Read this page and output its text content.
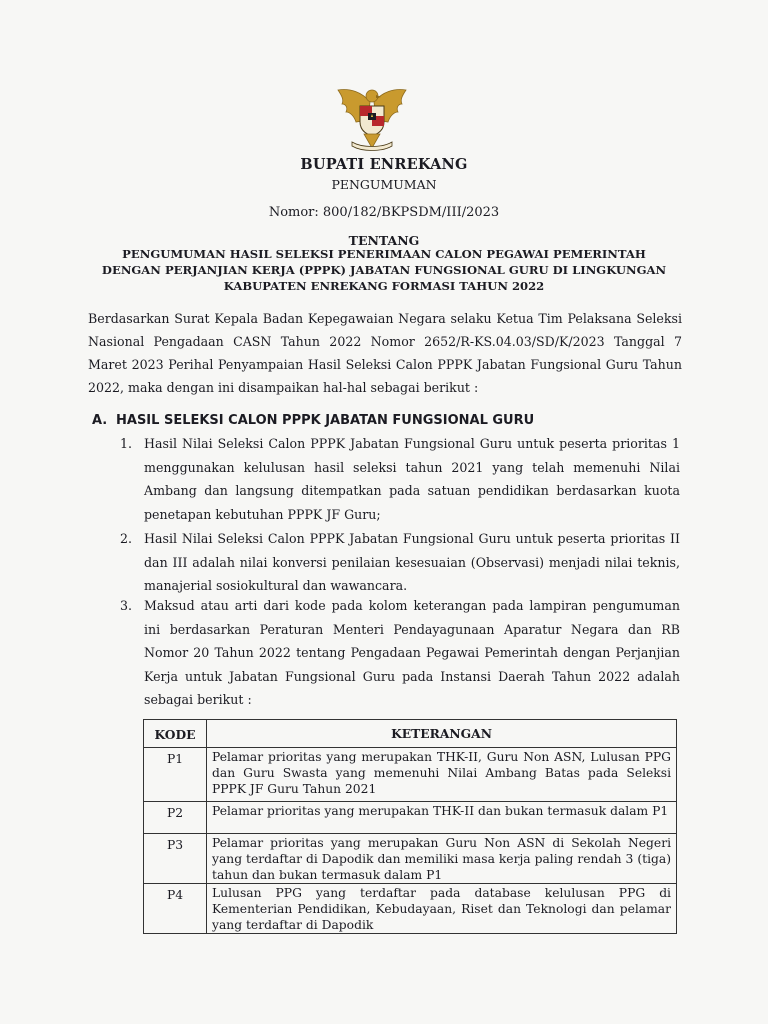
BUPATI ENREKANG
PENGUMUMAN
Nomor: 800/182/BKPSDM/III/2023
TENTANG
PENGUMUMAN HASIL SELEKSI PENERIMAAN CALON PEGAWAI PEMERINTAH
DENGAN PERJANJIAN KERJA (PPPK) JABATAN FUNGSIONAL GURU DI LINGKUNGAN
KABUPATEN ENREKANG FORMASI TAHUN 2022

Berdasarkan Surat Kepala Badan Kepegawaian Negara selaku Ketua Tim Pelaksana Seleksi Nasional Pengadaan CASN Tahun 2022 Nomor 2652/R-KS.04.03/SD/K/2023 Tanggal 7 Maret 2023 Perihal Penyampaian Hasil Seleksi Calon PPPK Jabatan Fungsional Guru Tahun 2022, maka dengan ini disampaikan hal-hal sebagai berikut :

A. HASIL SELEKSI CALON PPPK JABATAN FUNGSIONAL GURU
1. Hasil Nilai Seleksi Calon PPPK Jabatan Fungsional Guru untuk peserta prioritas 1 menggunakan kelulusan hasil seleksi tahun 2021 yang telah memenuhi Nilai Ambang dan langsung ditempatkan pada satuan pendidikan berdasarkan kuota penetapan kebutuhan PPPK JF Guru;
2. Hasil Nilai Seleksi Calon PPPK Jabatan Fungsional Guru untuk peserta prioritas II dan III adalah nilai konversi penilaian kesesuaian (Observasi) menjadi nilai teknis, manajerial sosiokultural dan wawancara.
3. Maksud atau arti dari kode pada kolom keterangan pada lampiran pengumuman ini berdasarkan Peraturan Menteri Pendayagunaan Aparatur Negara dan RB Nomor 20 Tahun 2022 tentang Pengadaan Pegawai Pemerintah dengan Perjanjian Kerja untuk Jabatan Fungsional Guru pada Instansi Daerah Tahun 2022 adalah sebagai berikut :
KODE	KETERANGAN
P1	Pelamar prioritas yang merupakan THK-II, Guru Non ASN, Lulusan PPG dan Guru Swasta yang memenuhi Nilai Ambang Batas pada Seleksi PPPK JF Guru Tahun 2021
P2	Pelamar prioritas yang merupakan THK-II dan bukan termasuk dalam P1
P3	Pelamar prioritas yang merupakan Guru Non ASN di Sekolah Negeri yang terdaftar di Dapodik dan memiliki masa kerja paling rendah 3 (tiga) tahun dan bukan termasuk dalam P1
P4	Lulusan PPG yang terdaftar pada database kelulusan PPG di Kementerian Pendidikan, Kebudayaan, Riset dan Teknologi dan pelamar yang terdaftar di Dapodik
